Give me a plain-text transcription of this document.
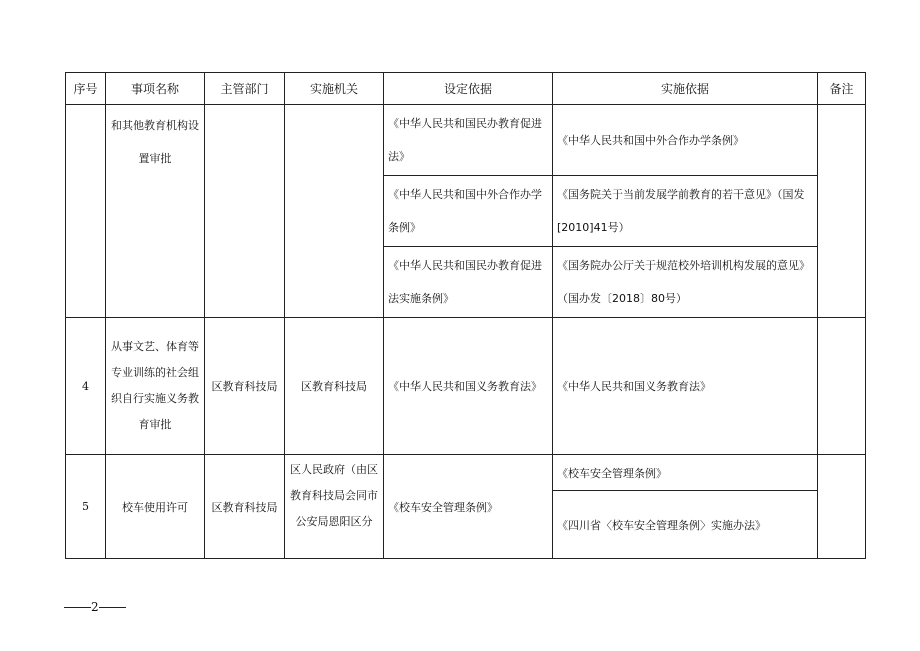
序号	事项名称	主管部门	实施机关	设定依据	实施依据	备注

	和其他教育机构设置审批			《中华人民共和国民办教育促进法》	《中华人民共和国中外合作办学条例》	
				《中华人民共和国中外合作办学条例》	《国务院关于当前发展学前教育的若干意见》（国发[2010]41号）	
				《中华人民共和国民办教育促进法实施条例》	《国务院办公厅关于规范校外培训机构发展的意见》（国办发〔2018〕80号）	
4	从事文艺、体育等专业训练的社会组织自行实施义务教育审批	区教育科技局	区教育科技局	《中华人民共和国义务教育法》	《中华人民共和国义务教育法》	
5	校车使用许可	区教育科技局	区人民政府（由区教育科技局会同市公安局恩阳区分	《校车安全管理条例》	《校车安全管理条例》	
					《四川省〈校车安全管理条例〉实施办法》	
2
